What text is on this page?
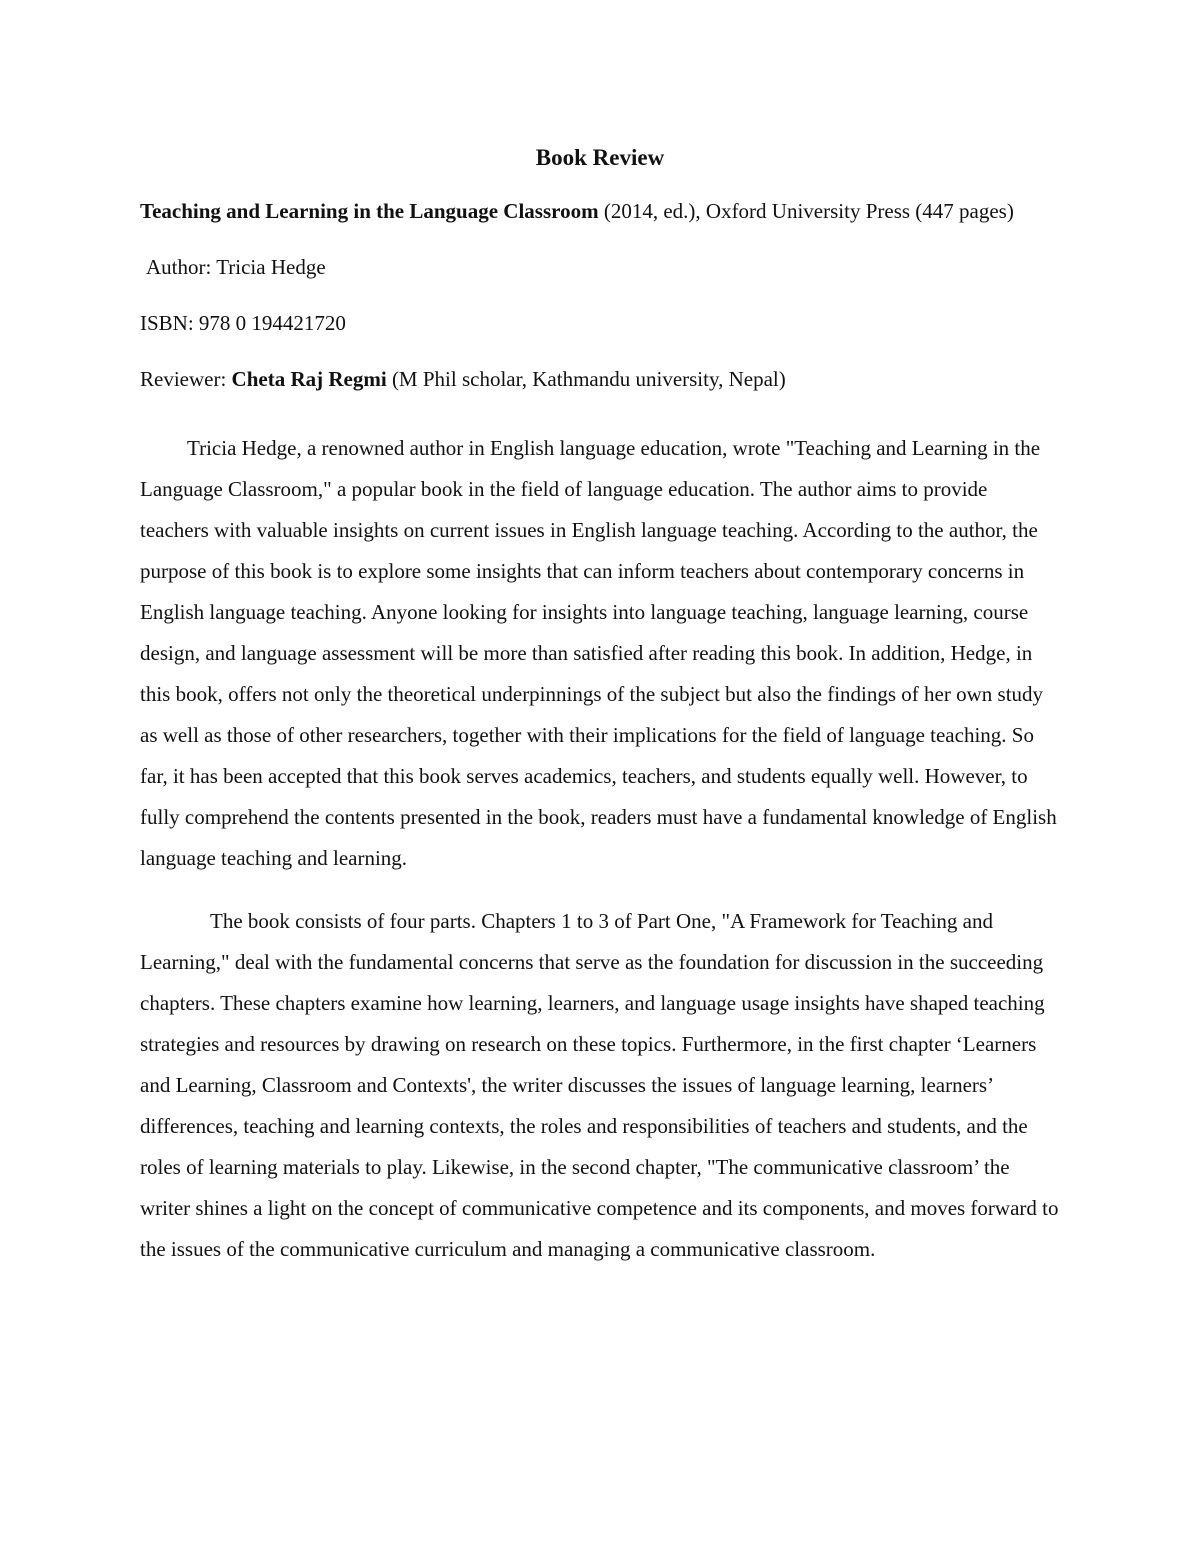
Book Review
Teaching and Learning in the Language Classroom (2014, ed.), Oxford University Press (447 pages)
Author: Tricia Hedge
ISBN: 978 0 194421720
Reviewer: Cheta Raj Regmi (M Phil scholar, Kathmandu university, Nepal)

Tricia Hedge, a renowned author in English language education, wrote "Teaching and Learning in the Language Classroom," a popular book in the field of language education. The author aims to provide teachers with valuable insights on current issues in English language teaching. According to the author, the purpose of this book is to explore some insights that can inform teachers about contemporary concerns in English language teaching. Anyone looking for insights into language teaching, language learning, course design, and language assessment will be more than satisfied after reading this book. In addition, Hedge, in this book, offers not only the theoretical underpinnings of the subject but also the findings of her own study as well as those of other researchers, together with their implications for the field of language teaching. So far, it has been accepted that this book serves academics, teachers, and students equally well. However, to fully comprehend the contents presented in the book, readers must have a fundamental knowledge of English language teaching and learning.

The book consists of four parts. Chapters 1 to 3 of Part One, "A Framework for Teaching and Learning," deal with the fundamental concerns that serve as the foundation for discussion in the succeeding chapters. These chapters examine how learning, learners, and language usage insights have shaped teaching strategies and resources by drawing on research on these topics. Furthermore, in the first chapter ‘Learners and Learning, Classroom and Contexts', the writer discusses the issues of language learning, learners’ differences, teaching and learning contexts, the roles and responsibilities of teachers and students, and the roles of learning materials to play. Likewise, in the second chapter, "The communicative classroom’ the writer shines a light on the concept of communicative competence and its components, and moves forward to the issues of the communicative curriculum and managing a communicative classroom.
